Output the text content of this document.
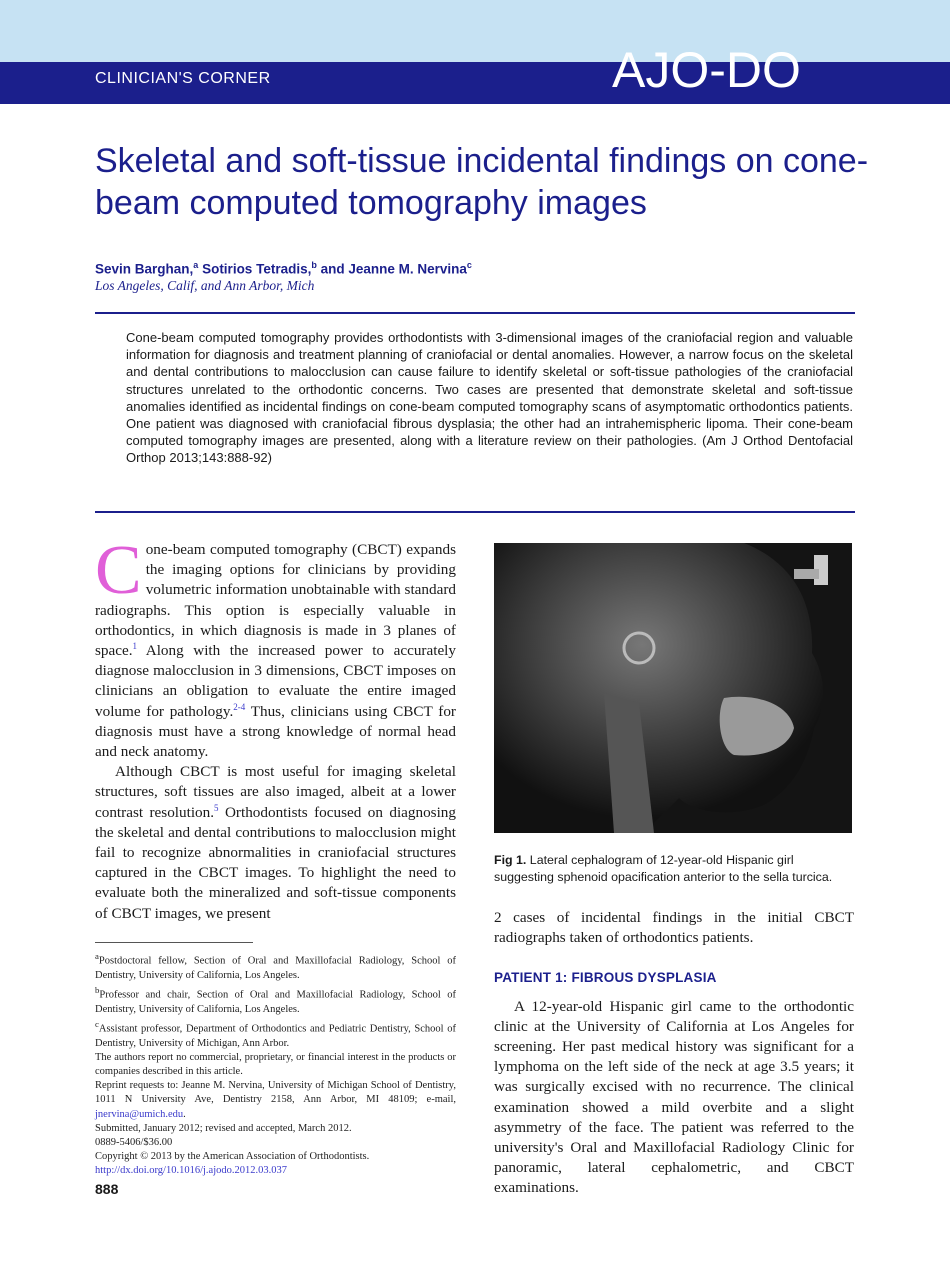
CLINICIAN'S CORNER	AJO-DO
Skeletal and soft-tissue incidental findings on cone-beam computed tomography images
Sevin Barghan,$^a$ Sotirios Tetradis,$^b$ and Jeanne M. Nervina$^c$
Los Angeles, Calif, and Ann Arbor, Mich

Cone-beam computed tomography provides orthodontists with 3-dimensional images of the craniofacial region and valuable information for diagnosis and treatment planning of craniofacial or dental anomalies. However, a narrow focus on the skeletal and dental contributions to malocclusion can cause failure to identify skeletal or soft-tissue pathologies of the craniofacial structures unrelated to the orthodontic concerns. Two cases are presented that demonstrate skeletal and soft-tissue anomalies identified as incidental findings on cone-beam computed tomography scans of asymptomatic orthodontics patients. One patient was diagnosed with craniofacial fibrous dysplasia; the other had an intrahemispheric lipoma. Their cone-beam computed tomography images are presented, along with a literature review on their pathologies. (Am J Orthod Dentofacial Orthop 2013;143:888-92)

Cone-beam computed tomography (CBCT) expands the imaging options for clinicians by providing volumetric information unobtainable with standard radiographs. This option is especially valuable in orthodontics, in which diagnosis is made in 3 planes of space.$^1$ Along with the increased power to accurately diagnose malocclusion in 3 dimensions, CBCT imposes on clinicians an obligation to evaluate the entire imaged volume for pathology.$^{2-4}$ Thus, clinicians using CBCT for diagnosis must have a strong knowledge of normal head and neck anatomy.

Although CBCT is most useful for imaging skeletal structures, soft tissues are also imaged, albeit at a lower contrast resolution.$^5$ Orthodontists focused on diagnosing the skeletal and dental contributions to malocclusion might fail to recognize abnormalities in craniofacial structures captured in the CBCT images. To highlight the need to evaluate both the mineralized and soft-tissue components of CBCT images, we present

Fig 1. Lateral cephalogram of 12-year-old Hispanic girl suggesting sphenoid opacification anterior to the sella turcica.

2 cases of incidental findings in the initial CBCT radiographs taken of orthodontics patients.

PATIENT 1: FIBROUS DYSPLASIA

A 12-year-old Hispanic girl came to the orthodontic clinic at the University of California at Los Angeles for screening. Her past medical history was significant for a lymphoma on the left side of the neck at age 3.5 years; it was surgically excised with no recurrence. The clinical examination showed a mild overbite and a slight asymmetry of the face. The patient was referred to the university's Oral and Maxillofacial Radiology Clinic for panoramic, lateral cephalometric, and CBCT examinations.

$^a$Postdoctoral fellow, Section of Oral and Maxillofacial Radiology, School of Dentistry, University of California, Los Angeles.

$^b$Professor and chair, Section of Oral and Maxillofacial Radiology, School of Dentistry, University of California, Los Angeles.

$^c$Assistant professor, Department of Orthodontics and Pediatric Dentistry, School of Dentistry, University of Michigan, Ann Arbor.

The authors report no commercial, proprietary, or financial interest in the products or companies described in this article.

Reprint requests to: Jeanne M. Nervina, University of Michigan School of Dentistry, 1011 N University Ave, Dentistry 2158, Ann Arbor, MI 48109; e-mail, jnervina@umich.edu.

Submitted, January 2012; revised and accepted, March 2012.

0889-5406/$36.00

Copyright © 2013 by the American Association of Orthodontists.

http://dx.doi.org/10.1016/j.ajodo.2012.03.037

888
